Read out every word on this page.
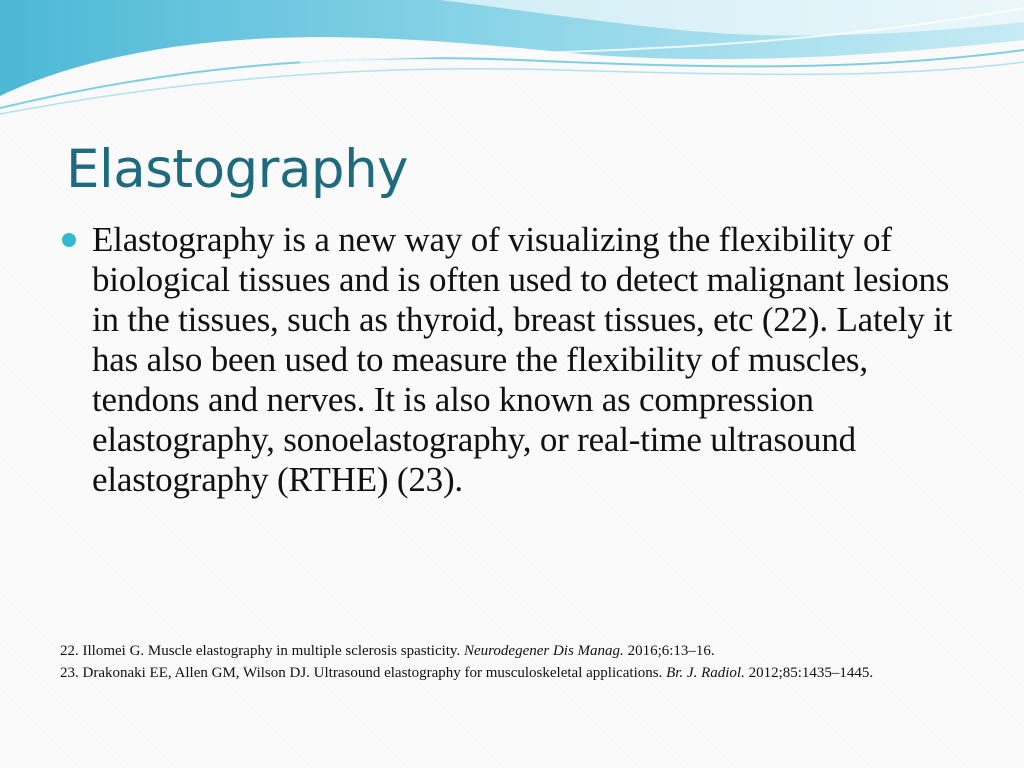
Elastography

Elastography is a new way of visualizing the flexibility of biological tissues and is often used to detect malignant lesions in the tissues, such as thyroid, breast tissues, etc (22). Lately it has also been used to measure the flexibility of muscles, tendons and nerves. It is also known as compression elastography, sonoelastography, or real-time ultrasound elastography (RTHE) (23).

22. Illomei G. Muscle elastography in multiple sclerosis spasticity. Neurodegener Dis Manag. 2016;6:13–16.

23. Drakonaki EE, Allen GM, Wilson DJ. Ultrasound elastography for musculoskeletal applications. Br. J. Radiol. 2012;85:1435–1445.
